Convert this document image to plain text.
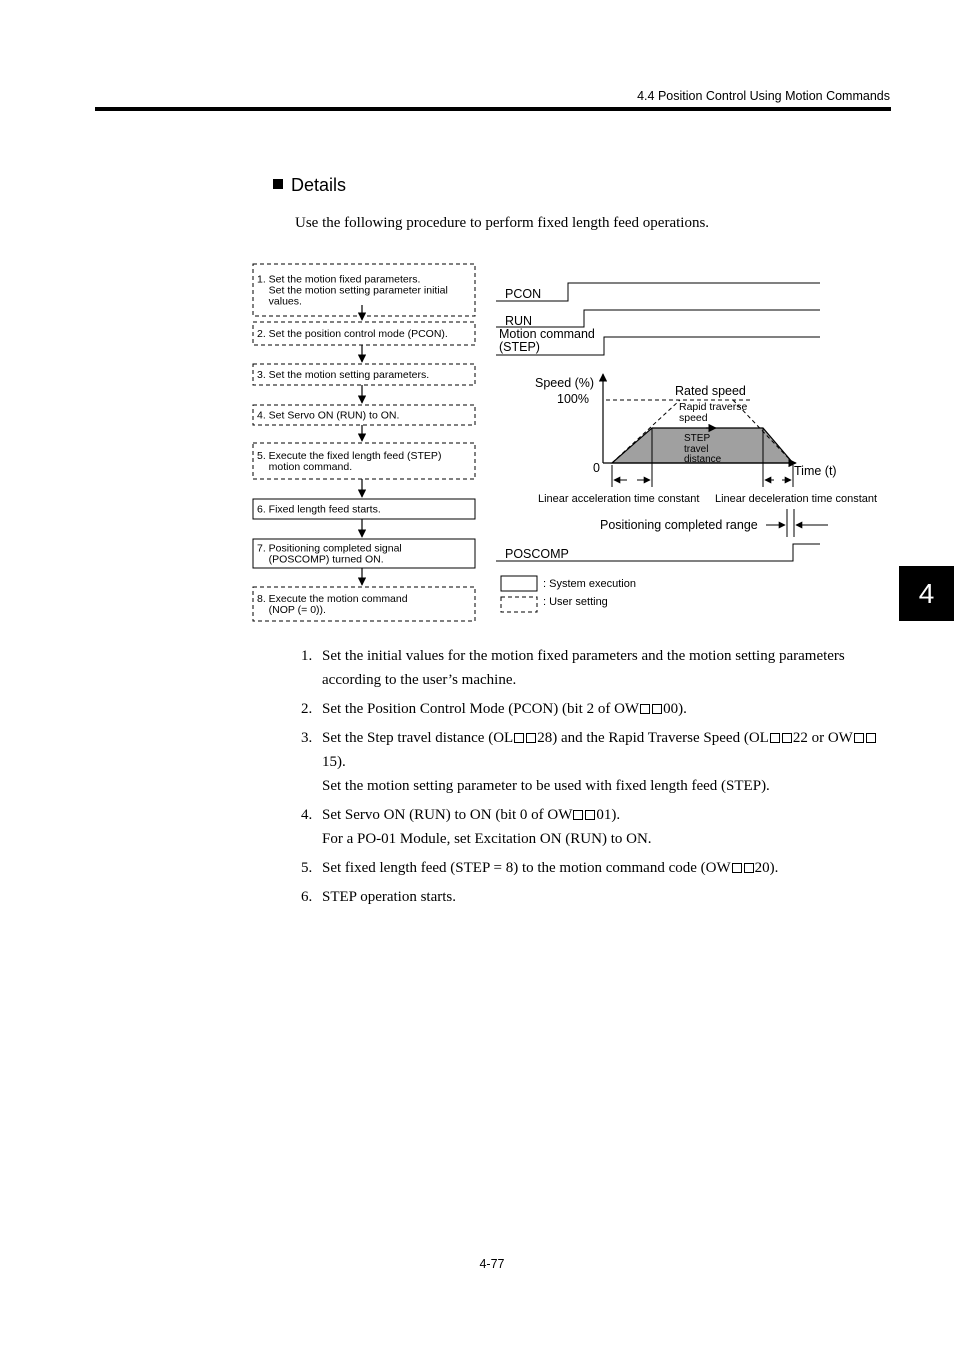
4.4 Position Control Using Motion Commands
Details
Use the following procedure to perform fixed length feed operations.
1. Set the motion fixed parameters.
Set the motion setting parameter initial
values.
2. Set the position control mode (PCON).
3. Set the motion setting parameters.
4. Set Servo ON (RUN) to ON.
5. Execute the fixed length feed (STEP)
motion command.
6. Fixed length feed starts.
7. Positioning completed signal
(POSCOMP) turned ON.
8. Execute the motion command
(NOP (= 0)).
PCON
RUN
Motion command
(STEP)
Speed (%)
100%
0	Time (t)
Rated speed
Rapid traverse
speed
STEP
travel
distance
Linear acceleration time constant Linear deceleration time constant
Positioning completed range
POSCOMP
: System execution
: User setting	4
1. Set the initial values for the motion fixed parameters and the motion setting parameters according to the user’s machine.
2. Set the Position Control Mode (PCON) (bit 2 of OW 00).
3. Set the Step travel distance (OL 28) and the Rapid Traverse Speed (OL 22 or OW15).
Set the motion setting parameter to be used with fixed length feed (STEP).
4. Set Servo ON (RUN) to ON (bit 0 of OW 01).
For a PO-01 Module, set Excitation ON (RUN) to ON.
5. Set fixed length feed (STEP = 8) to the motion command code (OW 20).
6. STEP operation starts.
4-77
